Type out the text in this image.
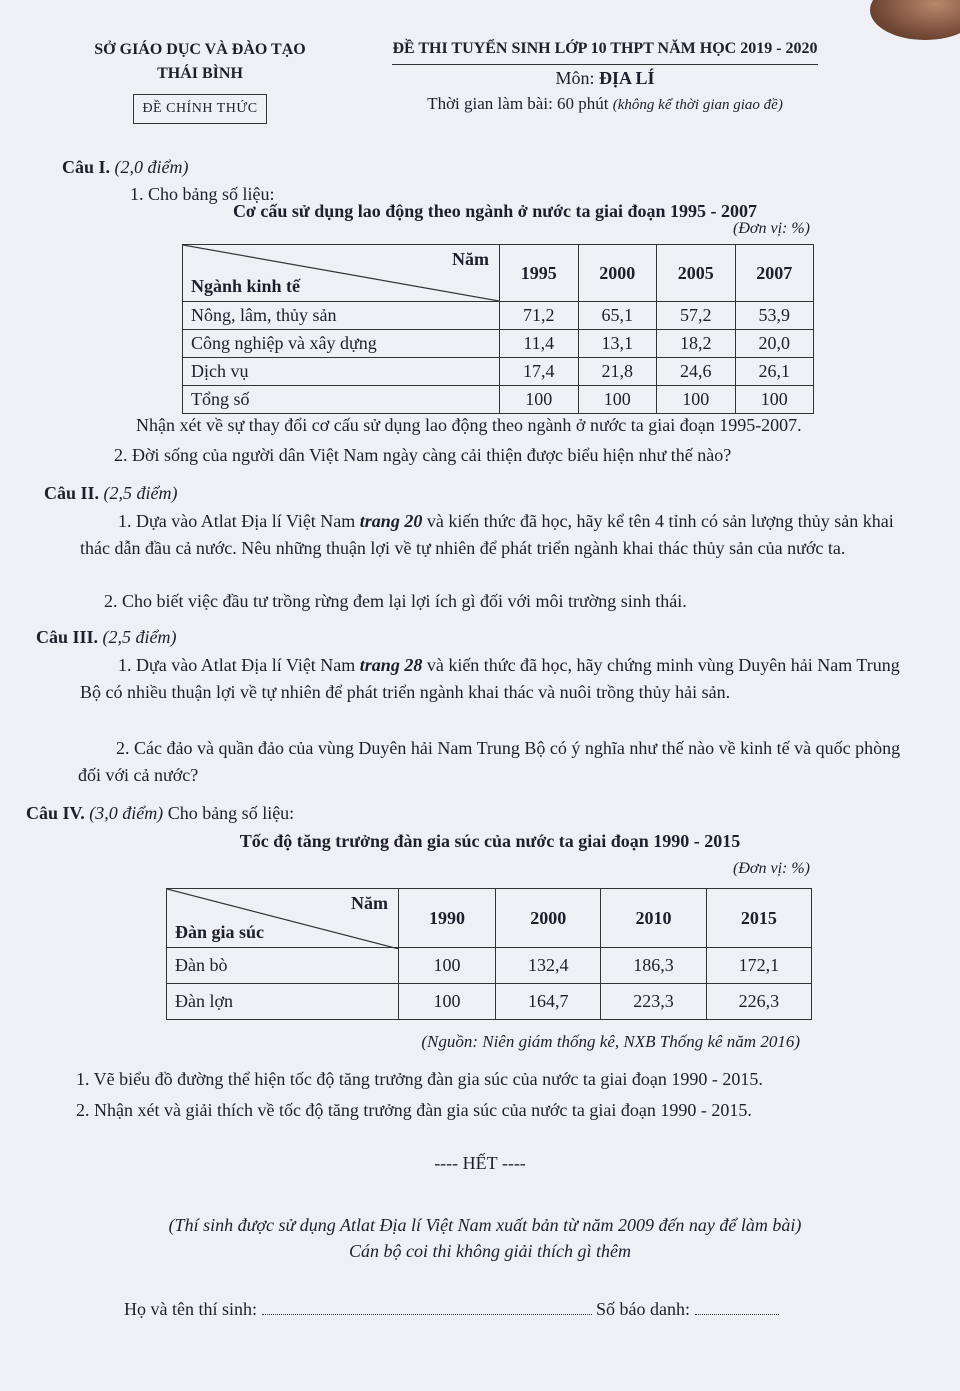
SỞ GIÁO DỤC VÀ ĐÀO TẠO
THÁI BÌNH
ĐỀ CHÍNH THỨC
ĐỀ THI TUYỂN SINH LỚP 10 THPT NĂM HỌC 2019 - 2020
Môn: ĐỊA LÍ
Thời gian làm bài: 60 phút (không kể thời gian giao đề)
Câu I. (2,0 điểm)
1. Cho bảng số liệu:
Cơ cấu sử dụng lao động theo ngành ở nước ta giai đoạn 1995 - 2007
(Đơn vị: %)
Năm
Ngành kinh tế	1995	2000	2005	2007
Nông, lâm, thủy sản	71,2	65,1	57,2	53,9
Công nghiệp và xây dựng	11,4	13,1	18,2	20,0
Dịch vụ	17,4	21,8	24,6	26,1
Tổng số	100	100	100	100
Nhận xét về sự thay đổi cơ cấu sử dụng lao động theo ngành ở nước ta giai đoạn 1995-2007.
2. Đời sống của người dân Việt Nam ngày càng cải thiện được biểu hiện như thế nào?
Câu II. (2,5 điểm)
1. Dựa vào Atlat Địa lí Việt Nam trang 20 và kiến thức đã học, hãy kể tên 4 tỉnh có sản lượng thủy sản khai thác dẫn đầu cả nước. Nêu những thuận lợi về tự nhiên để phát triển ngành khai thác thủy sản của nước ta.
2. Cho biết việc đầu tư trồng rừng đem lại lợi ích gì đối với môi trường sinh thái.
Câu III. (2,5 điểm)
1. Dựa vào Atlat Địa lí Việt Nam trang 28 và kiến thức đã học, hãy chứng minh vùng Duyên hải Nam Trung Bộ có nhiều thuận lợi về tự nhiên để phát triển ngành khai thác và nuôi trồng thủy hải sản.
2. Các đảo và quần đảo của vùng Duyên hải Nam Trung Bộ có ý nghĩa như thế nào về kinh tế và quốc phòng đối với cả nước?
Câu IV. (3,0 điểm) Cho bảng số liệu:
Tốc độ tăng trưởng đàn gia súc của nước ta giai đoạn 1990 - 2015
(Đơn vị: %)
Năm
Đàn gia súc	1990	2000	2010	2015
Đàn bò	100	132,4	186,3	172,1
Đàn lợn	100	164,7	223,3	226,3
(Nguồn: Niên giám thống kê, NXB Thống kê năm 2016)
1. Vẽ biểu đồ đường thể hiện tốc độ tăng trưởng đàn gia súc của nước ta giai đoạn 1990 - 2015.
2. Nhận xét và giải thích về tốc độ tăng trưởng đàn gia súc của nước ta giai đoạn 1990 - 2015.
---- HẾT ----
(Thí sinh được sử dụng Atlat Địa lí Việt Nam xuất bản từ năm 2009 đến nay để làm bài)
Cán bộ coi thi không giải thích gì thêm
Họ và tên thí sinh:	Số báo danh:
